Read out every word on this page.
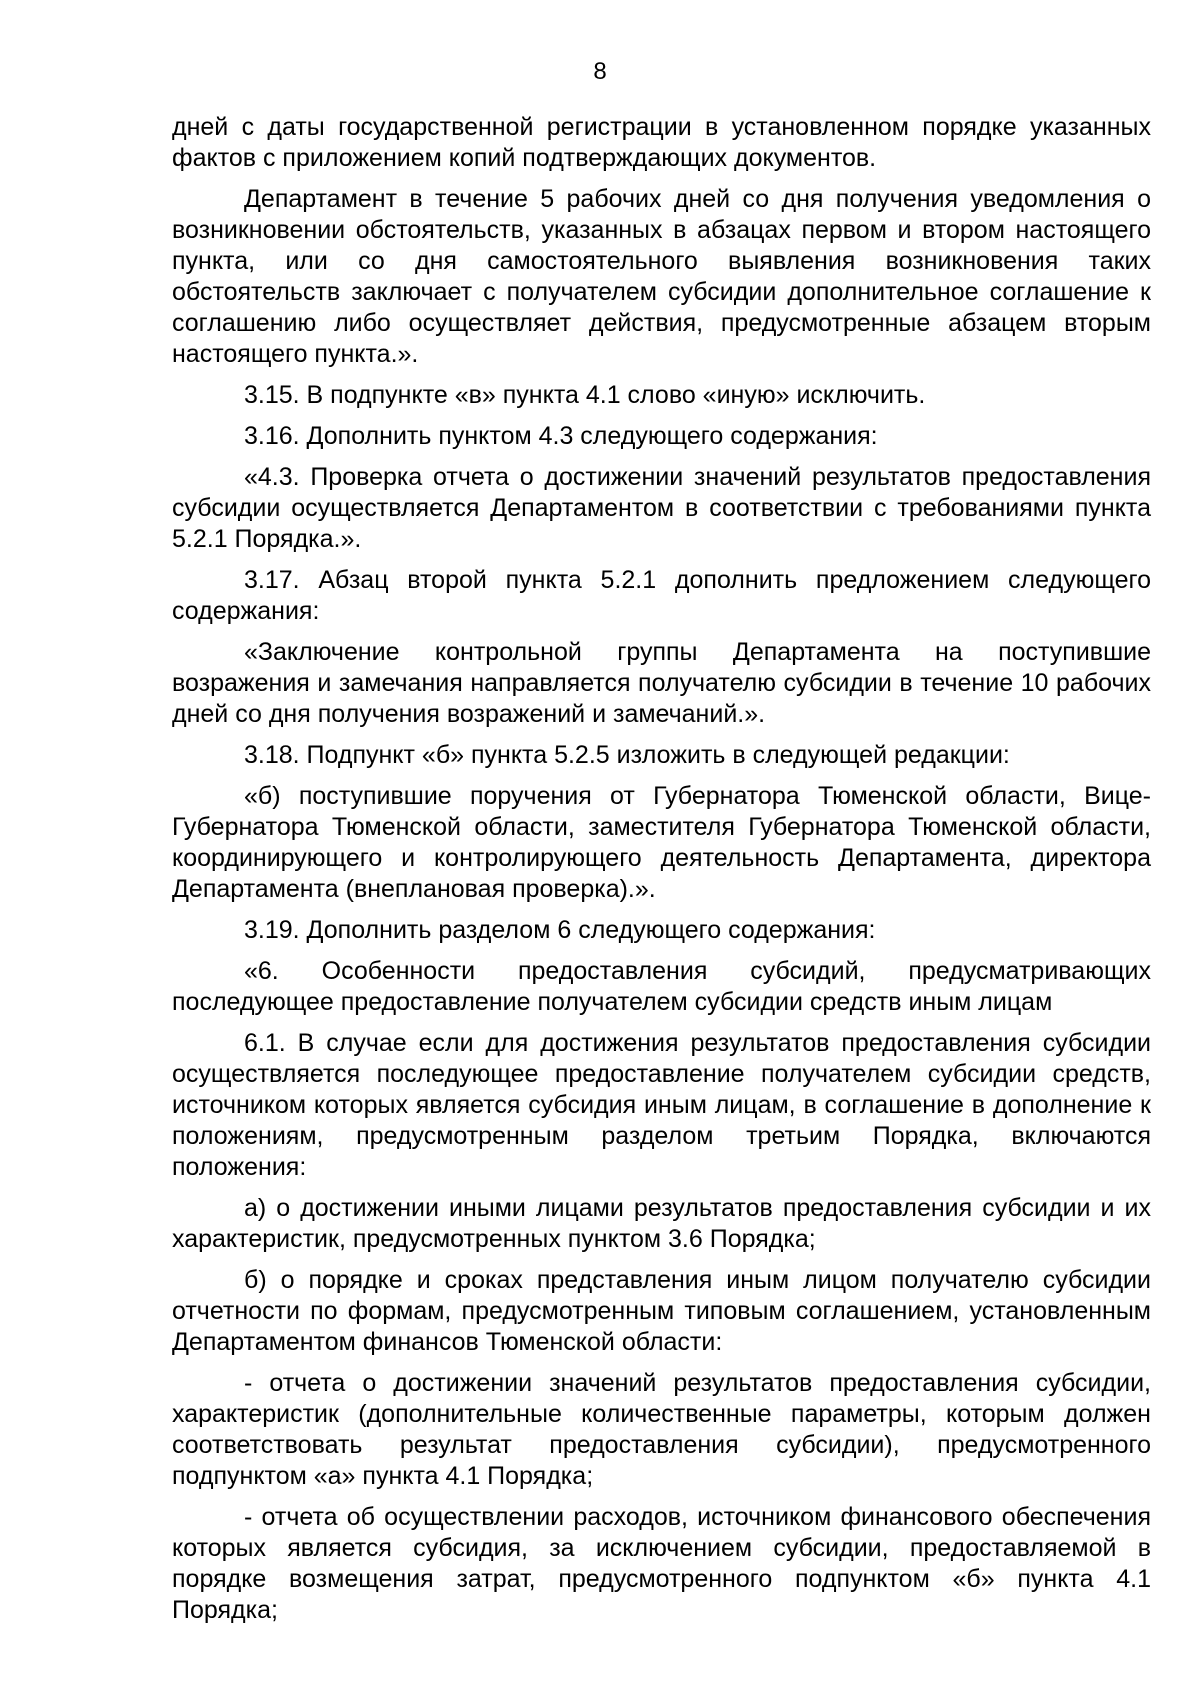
8

дней с даты государственной регистрации в установленном порядке указанных фактов с приложением копий подтверждающих документов.

Департамент в течение 5 рабочих дней со дня получения уведомления о возникновении обстоятельств, указанных в абзацах первом и втором настоящего пункта, или со дня самостоятельного выявления возникновения таких обстоятельств заключает с получателем субсидии дополнительное соглашение к соглашению либо осуществляет действия, предусмотренные абзацем вторым настоящего пункта.».

3.15. В подпункте «в» пункта 4.1 слово «иную» исключить.

3.16. Дополнить пунктом 4.3 следующего содержания:

«4.3. Проверка отчета о достижении значений результатов предоставления субсидии осуществляется Департаментом в соответствии с требованиями пункта 5.2.1 Порядка.».

3.17. Абзац второй пункта 5.2.1 дополнить предложением следующего содержания:

«Заключение контрольной группы Департамента на поступившие возражения и замечания направляется получателю субсидии в течение 10 рабочих дней со дня получения возражений и замечаний.».

3.18. Подпункт «б» пункта 5.2.5 изложить в следующей редакции:

«б) поступившие поручения от Губернатора Тюменской области, Вице-Губернатора Тюменской области, заместителя Губернатора Тюменской области, координирующего и контролирующего деятельность Департамента, директора Департамента (внеплановая проверка).».

3.19. Дополнить разделом 6 следующего содержания:

«6. Особенности предоставления субсидий, предусматривающих последующее предоставление получателем субсидии средств иным лицам

6.1. В случае если для достижения результатов предоставления субсидии осуществляется последующее предоставление получателем субсидии средств, источником которых является субсидия иным лицам, в соглашение в дополнение к положениям, предусмотренным разделом третьим Порядка, включаются положения:

а) о достижении иными лицами результатов предоставления субсидии и их характеристик, предусмотренных пунктом 3.6 Порядка;

б) о порядке и сроках представления иным лицом получателю субсидии отчетности по формам, предусмотренным типовым соглашением, установленным Департаментом финансов Тюменской области:

- отчета о достижении значений результатов предоставления субсидии, характеристик (дополнительные количественные параметры, которым должен соответствовать результат предоставления субсидии), предусмотренного подпунктом «а» пункта 4.1 Порядка;

- отчета об осуществлении расходов, источником финансового обеспечения которых является субсидия, за исключением субсидии, предоставляемой в порядке возмещения затрат, предусмотренного подпунктом «б» пункта 4.1 Порядка;
